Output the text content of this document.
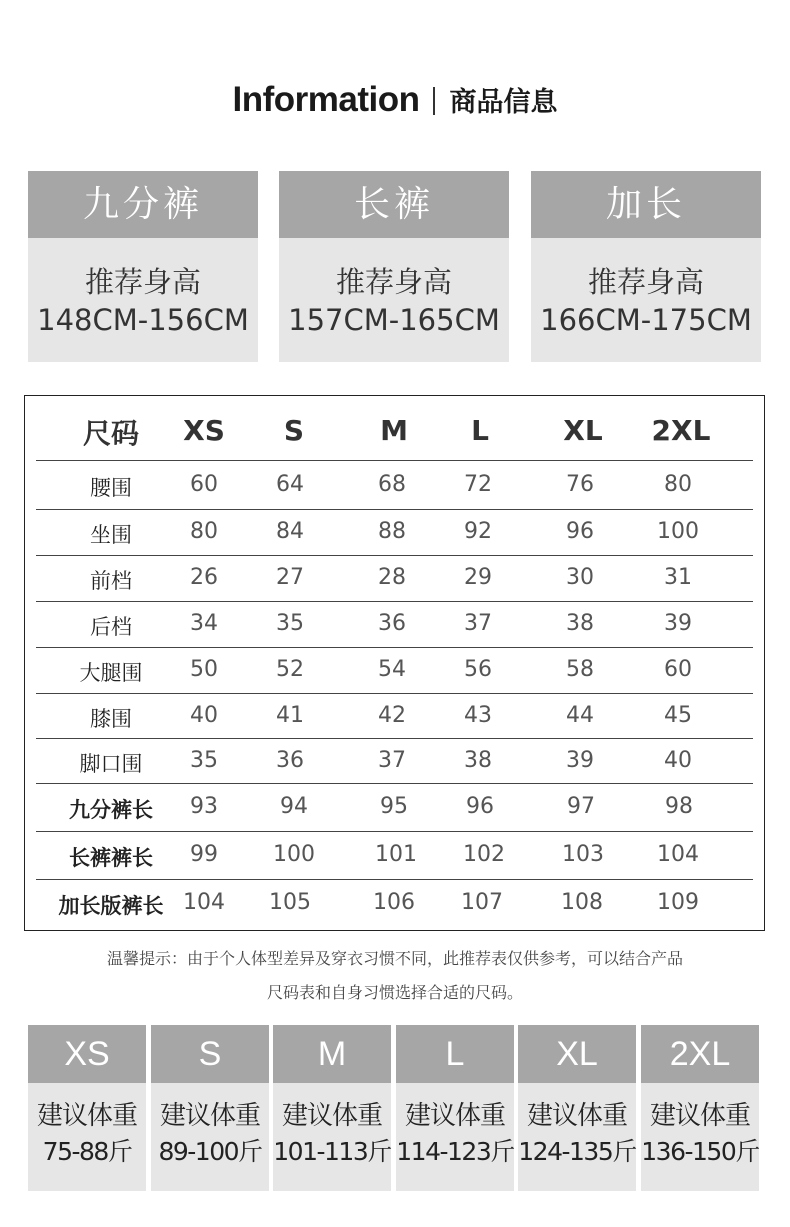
Information 商品信息
九分裤
推荐身高
148CM-156CM
长裤
推荐身高
157CM-165CM
加长
推荐身高
166CM-175CM
尺码	XS	S	M	L	XL	2XL
腰围	60	64	68	72	76	80
坐围	80	84	88	92	96	100
前档	26	27	28	29	30	31
后档	34	35	36	37	38	39
大腿围	50	52	54	56	58	60
膝围	40	41	42	43	44	45
脚口围	35	36	37	38	39	40
九分裤长	93	94	95	96	97	98
长裤裤长	99	100	101	102	103	104
加长版裤长 104	105	106	107	108	109
温馨提示：由于个人体型差异及穿衣习惯不同，此推荐表仅供参考，可以结合产品
尺码表和自身习惯选择合适的尺码。
XS
建议体重
75-88斤
S
建议体重
89-100斤
M
建议体重
101-113斤
L
建议体重
114-123斤
XL
建议体重
124-135斤
2XL
建议体重
136-150斤
